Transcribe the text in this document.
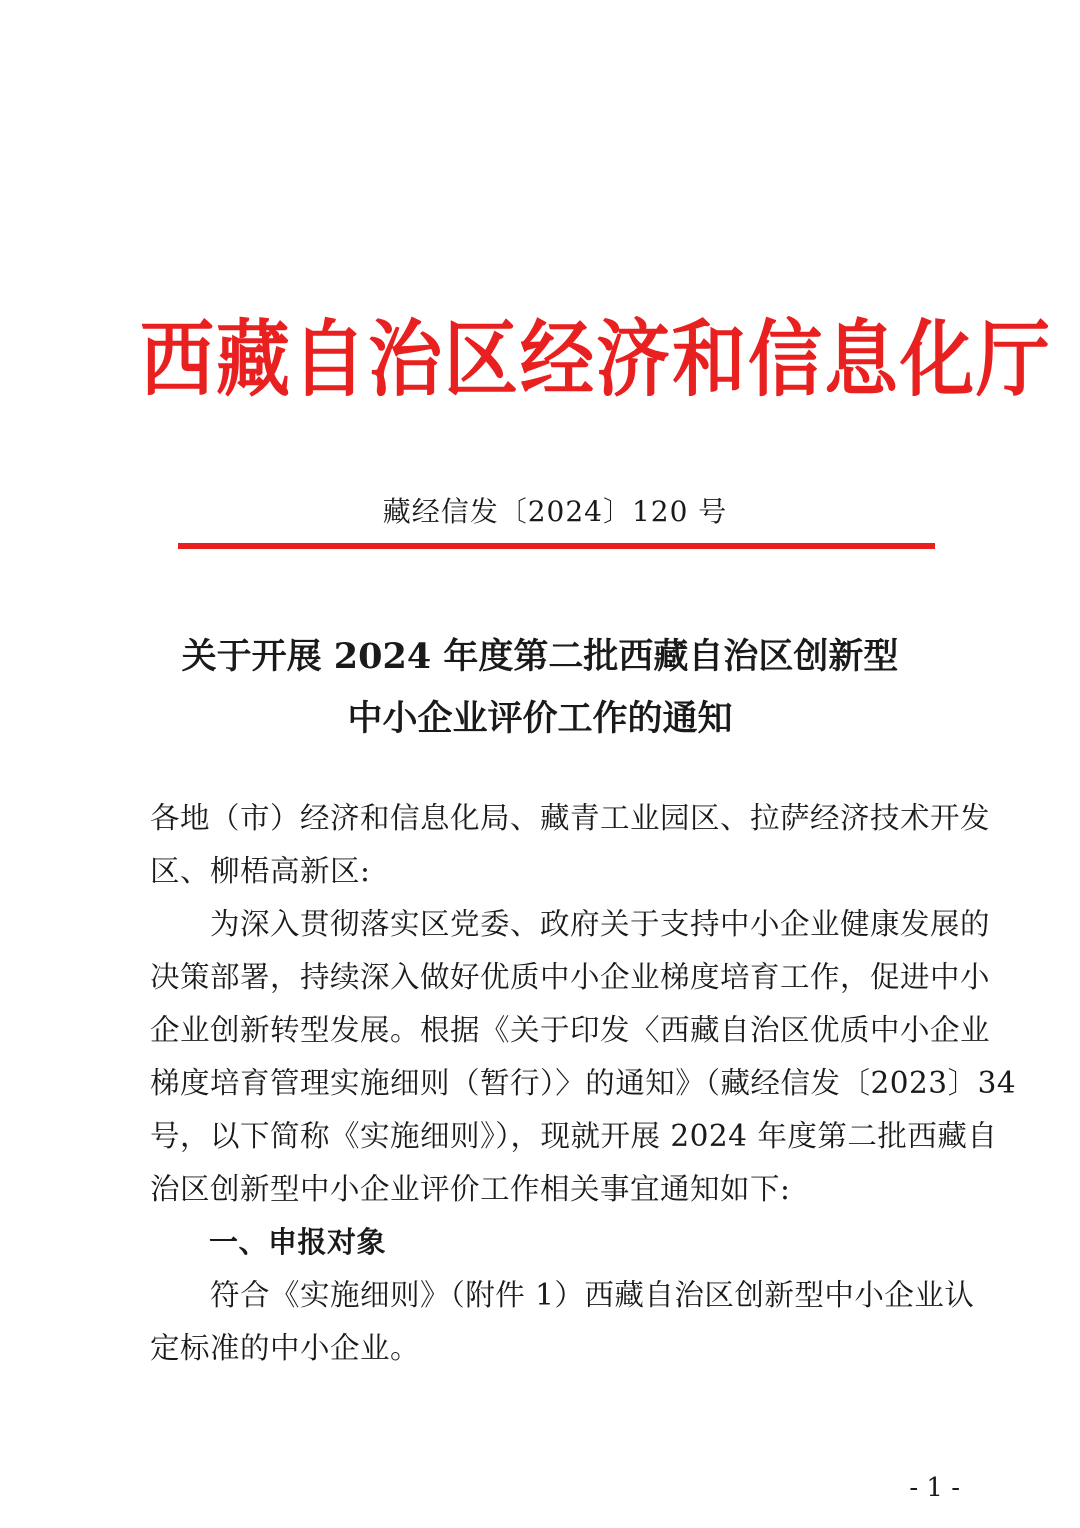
西藏自治区经济和信息化厅
藏经信发〔2024〕120 号
关于开展 2024 年度第二批西藏自治区创新型
中小企业评价工作的通知
各地（市）经济和信息化局、藏青工业园区、拉萨经济技术开发
区、柳梧高新区:
　　为深入贯彻落实区党委、政府关于支持中小企业健康发展的
决策部署，持续深入做好优质中小企业梯度培育工作，促进中小
企业创新转型发展。根据《关于印发〈西藏自治区优质中小企业
梯度培育管理实施细则（暂行）〉的通知》（藏经信发〔2023〕34
号，以下简称《实施细则》），现就开展 2024 年度第二批西藏自
治区创新型中小企业评价工作相关事宜通知如下:
　　一、申报对象
　　符合《实施细则》（附件 1）西藏自治区创新型中小企业认
定标准的中小企业。
- 1 -
